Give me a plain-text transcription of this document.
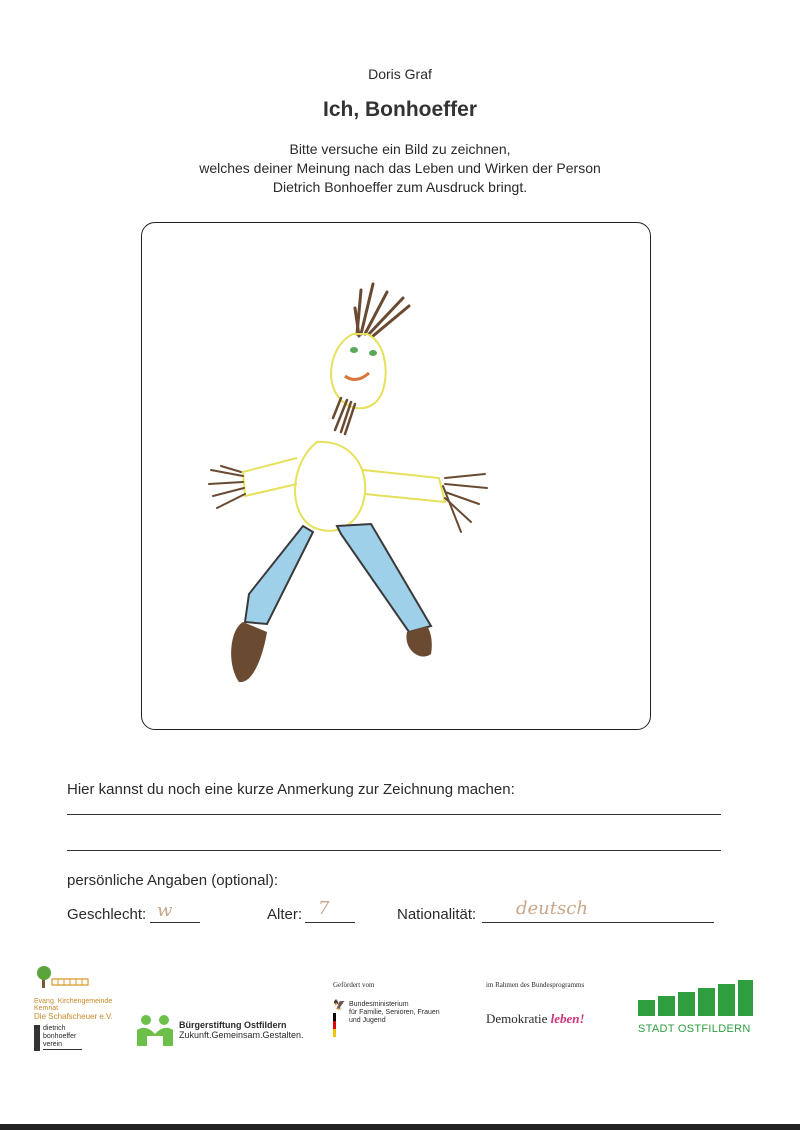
Doris Graf
Ich, Bonhoeffer
Bitte versuche ein Bild zu zeichnen,
welches deiner Meinung nach das Leben und Wirken der Person
Dietrich Bonhoeffer zum Ausdruck bringt.
Hier kannst du noch eine kurze Anmerkung zur Zeichnung machen:
persönliche Angaben (optional):
Geschlecht: w	Alter: 7	Nationalität: deutsch
Evang. Kirchengemeinde Kemnat
Die Schafscheuer e.V.
dietrich
bonhoeffer
verein
Bürgerstiftung Ostfildern
Zukunft.Gemeinsam.Gestalten.
Gefördert vom
🦅 Bundesministerium
für Familie, Senioren, Frauen
und Jugend
im Rahmen des Bundesprogramms
Demokratie leben!
STADT OSTFILDERN
